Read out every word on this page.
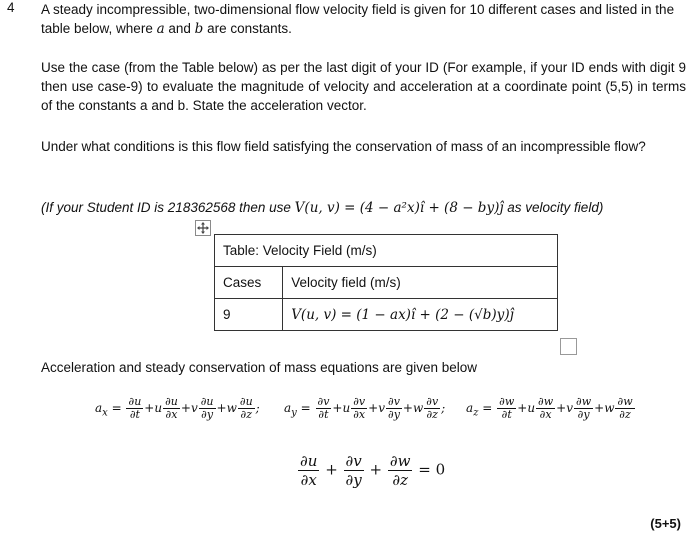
4 A steady incompressible, two-dimensional flow velocity field is given for 10 different cases and listed in the table below, where a and b are constants.
Use the case (from the Table below) as per the last digit of your ID (For example, if your ID ends with digit 9 then use case-9) to evaluate the magnitude of velocity and acceleration at a coordinate point (5,5) in terms of the constants a and b. State the acceleration vector.
Under what conditions is this flow field satisfying the conservation of mass of an incompressible flow?
(If your Student ID is 218362568 then use V(u, v) = (4 − a²x)î + (8 − by)ĵ as velocity field)
Table: Velocity Field (m/s)	
Cases	Velocity field (m/s)
9	V(u, v) = (1 − ax)î + (2 − (√b)y)ĵ
Acceleration and steady conservation of mass equations are given below
$a_x = \frac{\partial u}{\partial t} +u \frac{\partial u}{\partial x} +v \frac{\partial u}{\partial y} +w \frac{\partial u}{\partial z}$ ; $a_y = \frac{\partial v}{\partial t} +u \frac{\partial v}{\partial x} +v \frac{\partial v}{\partial y} +w \frac{\partial v}{\partial z}$ ; $a_z = \frac{\partial w}{\partial t} +u \frac{\partial w}{\partial x} +v \frac{\partial w}{\partial y} +w \frac{\partial w}{\partial z}$
$\frac{\partial u}{\partial x} + \frac{\partial v}{\partial y} + \frac{\partial w}{\partial z} = 0$
(5+5)
